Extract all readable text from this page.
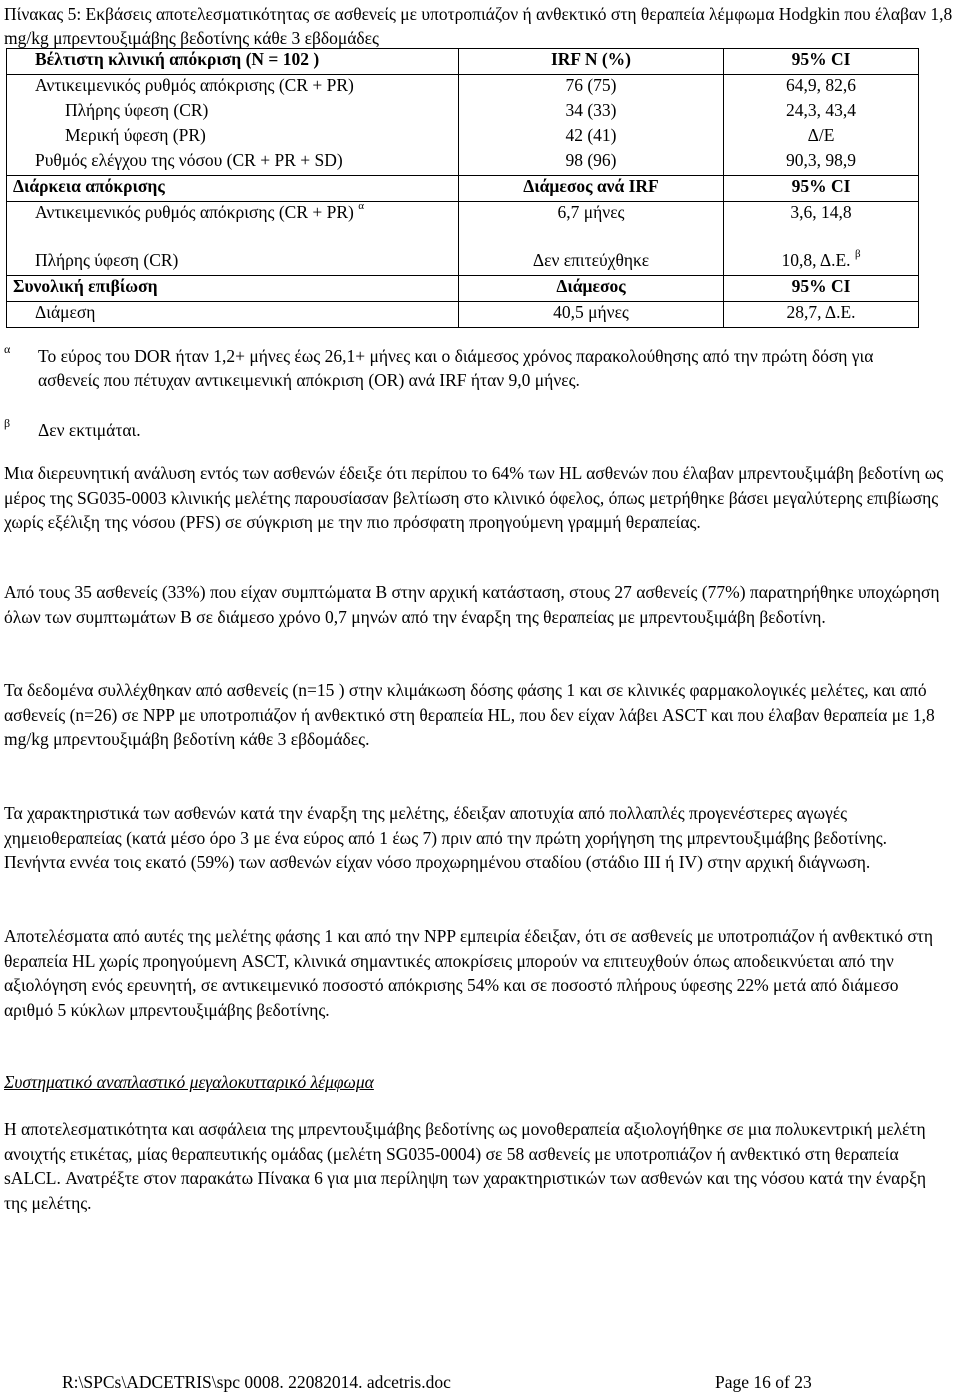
Πίνακας 5: Εκβάσεις αποτελεσματικότητας σε ασθενείς με υποτροπιάζον ή ανθεκτικό στη θεραπεία λέμφωμα Hodgkin που έλαβαν 1,8 mg/kg μπρεντουξιμάβης βεδοτίνης κάθε 3 εβδομάδες
Βέλτιστη κλινική απόκριση (Ν = 102 )	IRF N (%)	95% CI
Αντικειμενικός ρυθμός απόκρισης (CR + PR)	76 (75)	64,9, 82,6
Πλήρης ύφεση (CR)	34 (33)	24,3, 43,4
Μερική ύφεση (PR)	42 (41)	Δ/Ε
Ρυθμός ελέγχου της νόσου (CR + PR + SD)	98 (96)	90,3, 98,9
Διάρκεια απόκρισης	Διάμεσος ανά IRF	95% CI
Αντικειμενικός ρυθμός απόκρισης (CR + PR) $^\alpha$	6,7 μήνες	3,6, 14,8
Πλήρης ύφεση (CR)	Δεν επιτεύχθηκε	10,8, Δ.Ε. $^\beta$
Συνολική επιβίωση	Διάμεσος	95% CI
Διάμεση	40,5 μήνες	28,7, Δ.Ε.
α Το εύρος του DOR ήταν 1,2+ μήνες έως 26,1+ μήνες και ο διάμεσος χρόνος παρακολούθησης από την πρώτη δόση για ασθενείς που πέτυχαν αντικειμενική απόκριση (OR) ανά IRF ήταν 9,0 μήνες.
β Δεν εκτιμάται.

Μια διερευνητική ανάλυση εντός των ασθενών έδειξε ότι περίπου το 64% των HL ασθενών που έλαβαν μπρεντουξιμάβη βεδοτίνη ως μέρος της SG035-0003 κλινικής μελέτης παρουσίασαν βελτίωση στο κλινικό όφελος, όπως μετρήθηκε βάσει μεγαλύτερης επιβίωσης χωρίς εξέλιξη της νόσου (PFS) σε σύγκριση με την πιο πρόσφατη προηγούμενη γραμμή θεραπείας.

Από τους 35 ασθενείς (33%) που είχαν συμπτώματα B στην αρχική κατάσταση, στους 27 ασθενείς (77%) παρατηρήθηκε υποχώρηση όλων των συμπτωμάτων B σε διάμεσο χρόνο 0,7 μηνών από την έναρξη της θεραπείας με μπρεντουξιμάβη βεδοτίνη.

Τα δεδομένα συλλέχθηκαν από ασθενείς (n=15 ) στην κλιμάκωση δόσης φάσης 1 και σε κλινικές φαρμακολογικές μελέτες, και από ασθενείς (n=26) σε NPP με υποτροπιάζον ή ανθεκτικό στη θεραπεία HL, που δεν είχαν λάβει ASCT και που έλαβαν θεραπεία με 1,8 mg/kg μπρεντουξιμάβη βεδοτίνη κάθε 3 εβδομάδες.

Τα χαρακτηριστικά των ασθενών κατά την έναρξη της μελέτης, έδειξαν αποτυχία από πολλαπλές προγενέστερες αγωγές χημειοθεραπείας (κατά μέσο όρο 3 με ένα εύρος από 1 έως 7) πριν από την πρώτη χορήγηση της μπρεντουξιμάβης βεδοτίνης. Πενήντα εννέα τοις εκατό (59%) των ασθενών είχαν νόσο προχωρημένου σταδίου (στάδιο III ή IV) στην αρχική διάγνωση.

Αποτελέσματα από αυτές της μελέτης φάσης 1 και από την NPP εμπειρία έδειξαν, ότι σε ασθενείς με υποτροπιάζον ή ανθεκτικό στη θεραπεία HL χωρίς προηγούμενη ASCT, κλινικά σημαντικές αποκρίσεις μπορούν να επιτευχθούν όπως αποδεικνύεται από την αξιολόγηση ενός ερευνητή, σε αντικειμενικό ποσοστό απόκρισης 54% και σε ποσοστό πλήρους ύφεσης 22% μετά από διάμεσο αριθμό 5 κύκλων μπρεντουξιμάβης βεδοτίνης.

Συστηματικό αναπλαστικό μεγαλοκυτταρικό λέμφωμα

Η αποτελεσματικότητα και ασφάλεια της μπρεντουξιμάβης βεδοτίνης ως μονοθεραπεία αξιολογήθηκε σε μια πολυκεντρική μελέτη ανοιχτής ετικέτας, μίας θεραπευτικής ομάδας (μελέτη SG035-0004) σε 58 ασθενείς με υποτροπιάζον ή ανθεκτικό στη θεραπεία sALCL. Ανατρέξτε στον παρακάτω Πίνακα 6 για μια περίληψη των χαρακτηριστικών των ασθενών και της νόσου κατά την έναρξη της μελέτης.

R:\SPCs\ADCETRIS\spc 0008. 22082014. adcetris.doc	Page 16 of 23
